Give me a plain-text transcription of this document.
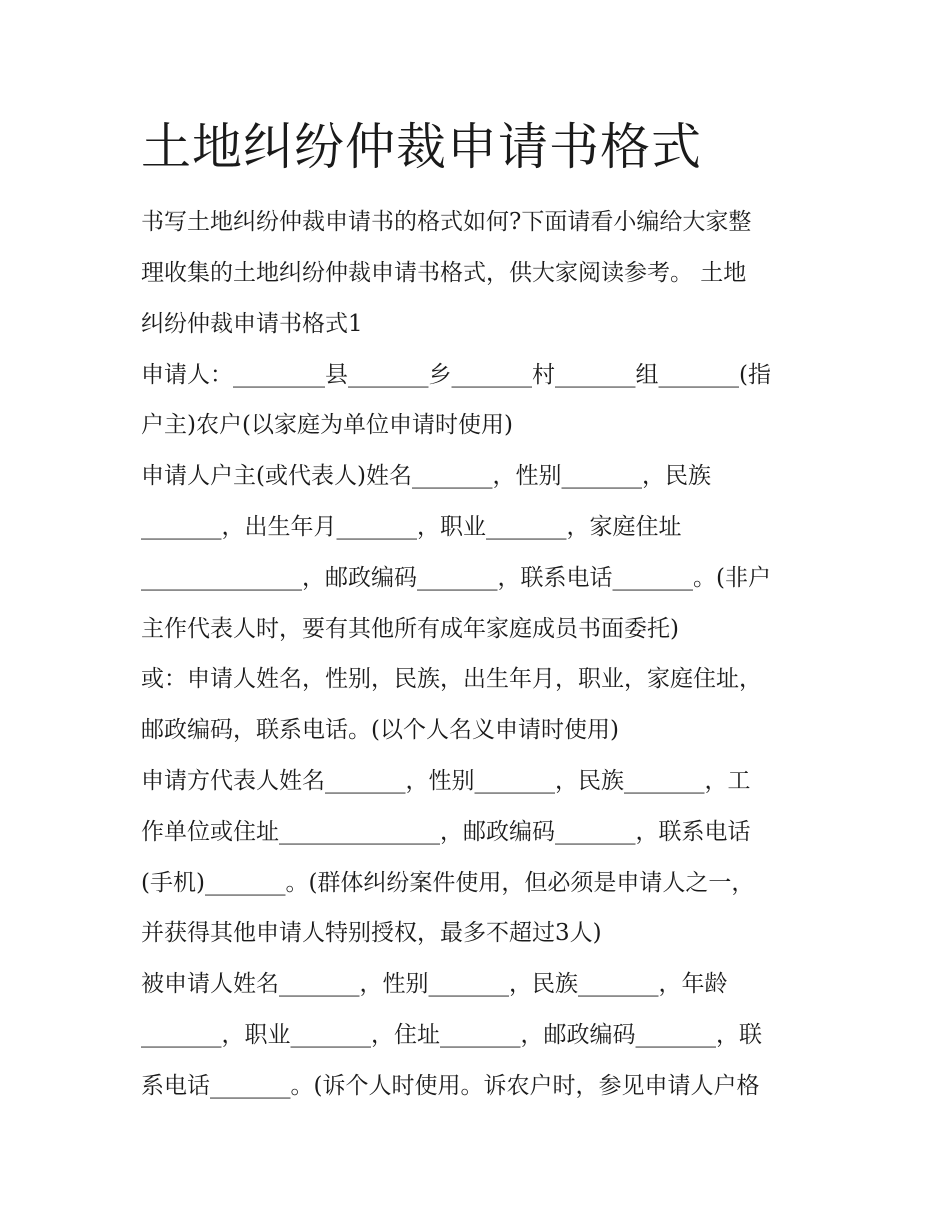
土地纠纷仲裁申请书格式

书写土地纠纷仲裁申请书的格式如何?下面请看小编给大家整

理收集的土地纠纷仲裁申请书格式，供大家阅读参考。 土地

纠纷仲裁申请书格式1

申请人：________县_______乡_______村_______组_______(指

户主)农户(以家庭为单位申请时使用)

申请人户主(或代表人)姓名_______，性别_______，民族

_______，出生年月_______，职业_______，家庭住址

______________，邮政编码_______，联系电话_______。(非户

主作代表人时，要有其他所有成年家庭成员书面委托)

或：申请人姓名，性别，民族，出生年月，职业，家庭住址，

邮政编码，联系电话。(以个人名义申请时使用)

申请方代表人姓名_______，性别_______，民族_______，工

作单位或住址______________，邮政编码_______，联系电话

(手机)_______。(群体纠纷案件使用，但必须是申请人之一，

并获得其他申请人特别授权，最多不超过3人)

被申请人姓名_______，性别_______，民族_______，年龄

_______，职业_______，住址_______，邮政编码_______，联

系电话_______。(诉个人时使用。诉农户时，参见申请人户格
